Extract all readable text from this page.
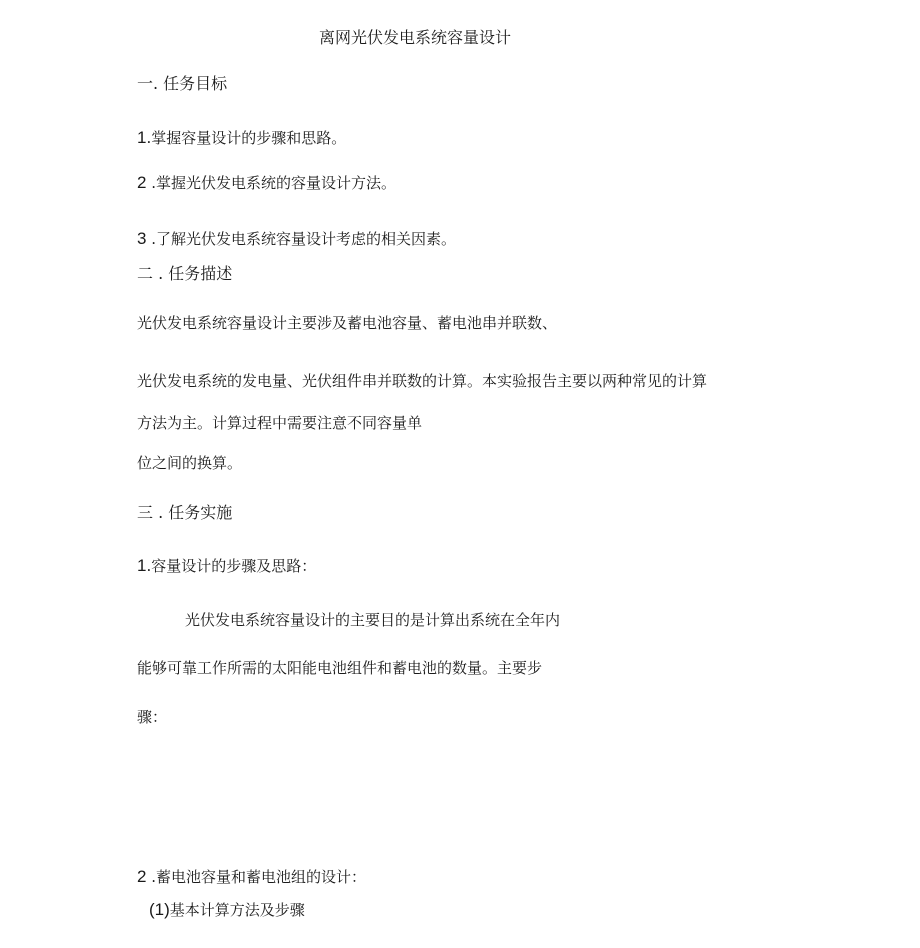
离网光伏发电系统容量设计
一. 任务目标
1.掌握容量设计的步骤和思路。
2 .掌握光伏发电系统的容量设计方法。
3 .了解光伏发电系统容量设计考虑的相关因素。
二 . 任务描述
光伏发电系统容量设计主要涉及蓄电池容量、蓄电池串并联数、
光伏发电系统的发电量、光伏组件串并联数的计算。本实验报告主要以两种常见的计算
方法为主。计算过程中需要注意不同容量单
位之间的换算。
三 . 任务实施
1.容量设计的步骤及思路：
光伏发电系统容量设计的主要目的是计算出系统在全年内
能够可靠工作所需的太阳能电池组件和蓄电池的数量。主要步
骤：
2 .蓄电池容量和蓄电池组的设计：
(1)基本计算方法及步骤
